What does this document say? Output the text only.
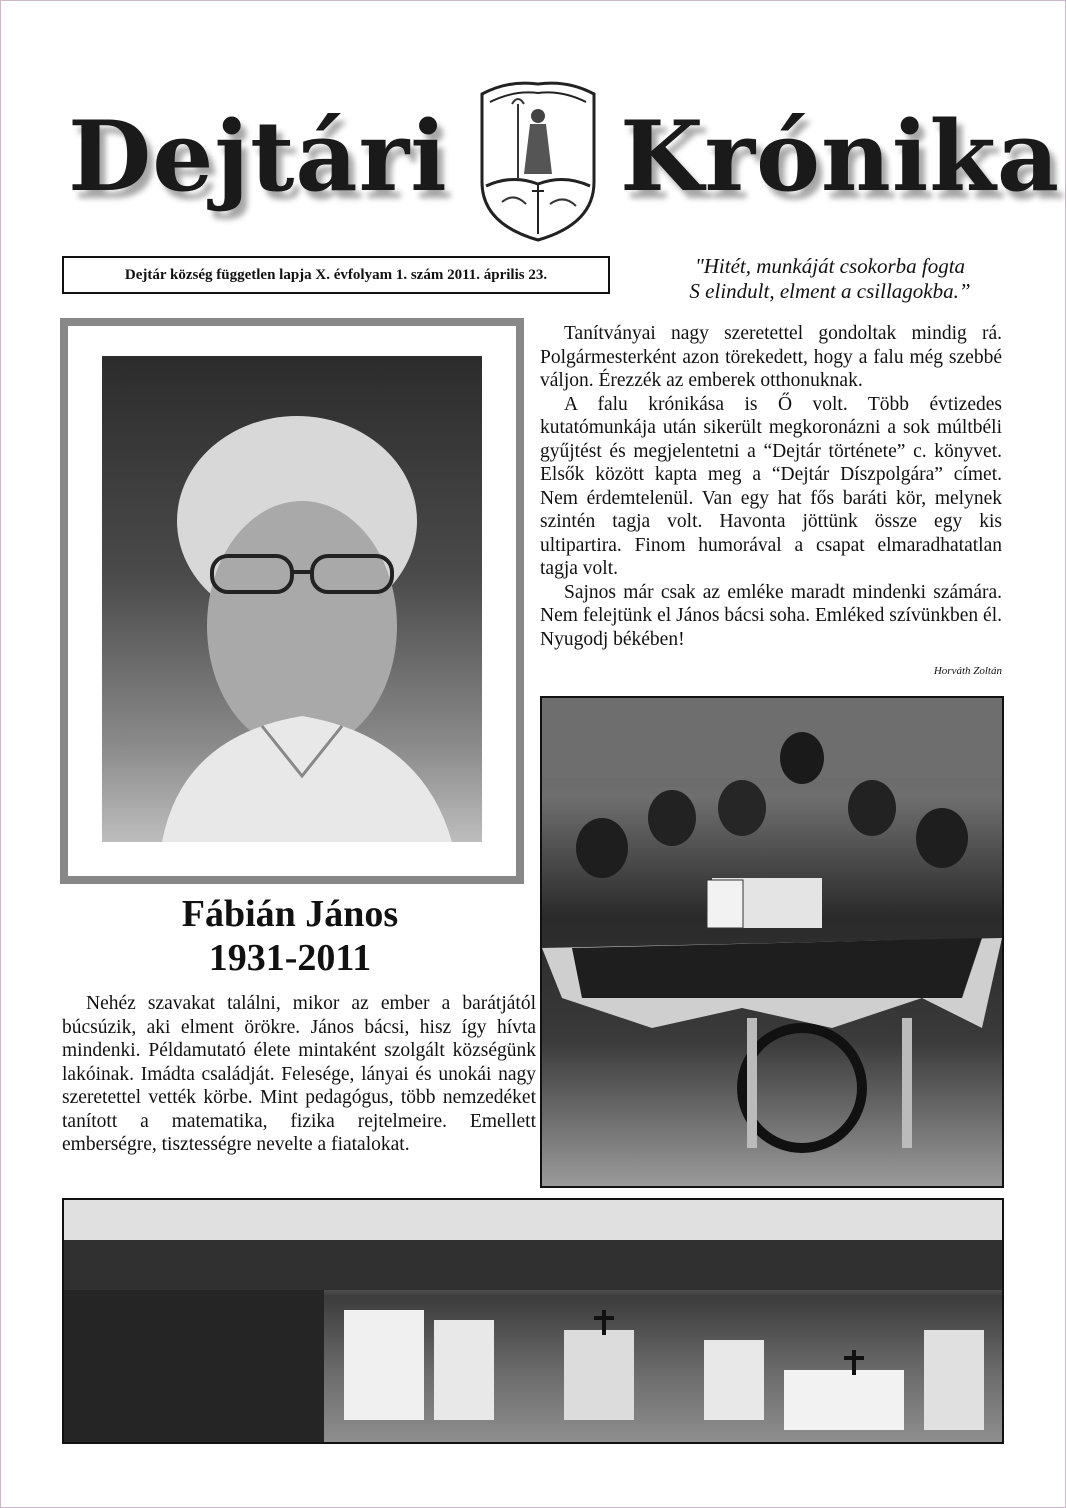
Dejtári Krónika
Dejtár község független lapja X. évfolyam 1. szám 2011. április 23.	"Hitét, munkáját csokorba fogta
S elindult, elment a csillagokba.”
Fábián János
1931-2011

Nehéz szavakat találni, mikor az ember a barátjától búcsúzik, aki elment örökre. János bácsi, hisz így hívta mindenki. Példamutató élete mintaként szolgált községünk lakóinak. Imádta családját. Felesége, lányai és unokái nagy szeretettel vették körbe. Mint pedagógus, több nemzedéket tanított a matematika, fizika rejtelmeire. Emellett emberségre, tisztességre nevelte a fiatalokat.

Tanítványai nagy szeretettel gondoltak mindig rá. Polgármesterként azon törekedett, hogy a falu még szebbé váljon. Érezzék az emberek otthonuknak.

A falu krónikása is Ő volt. Több évtizedes kutatómunkája után sikerült megkoronázni a sok múltbéli gyűjtést és megjelentetni a “Dejtár története” c. könyvet. Elsők között kapta meg a “Dejtár Díszpolgára” címet. Nem érdemtelenül. Van egy hat fős baráti kör, melynek szintén tagja volt. Havonta jöttünk össze egy kis ultipartira. Finom humorával a csapat elmaradhatatlan tagja volt.

Sajnos már csak az emléke maradt mindenki számára. Nem felejtünk el János bácsi soha. Emléked szívünkben él. Nyugodj békében!

Horváth Zoltán
